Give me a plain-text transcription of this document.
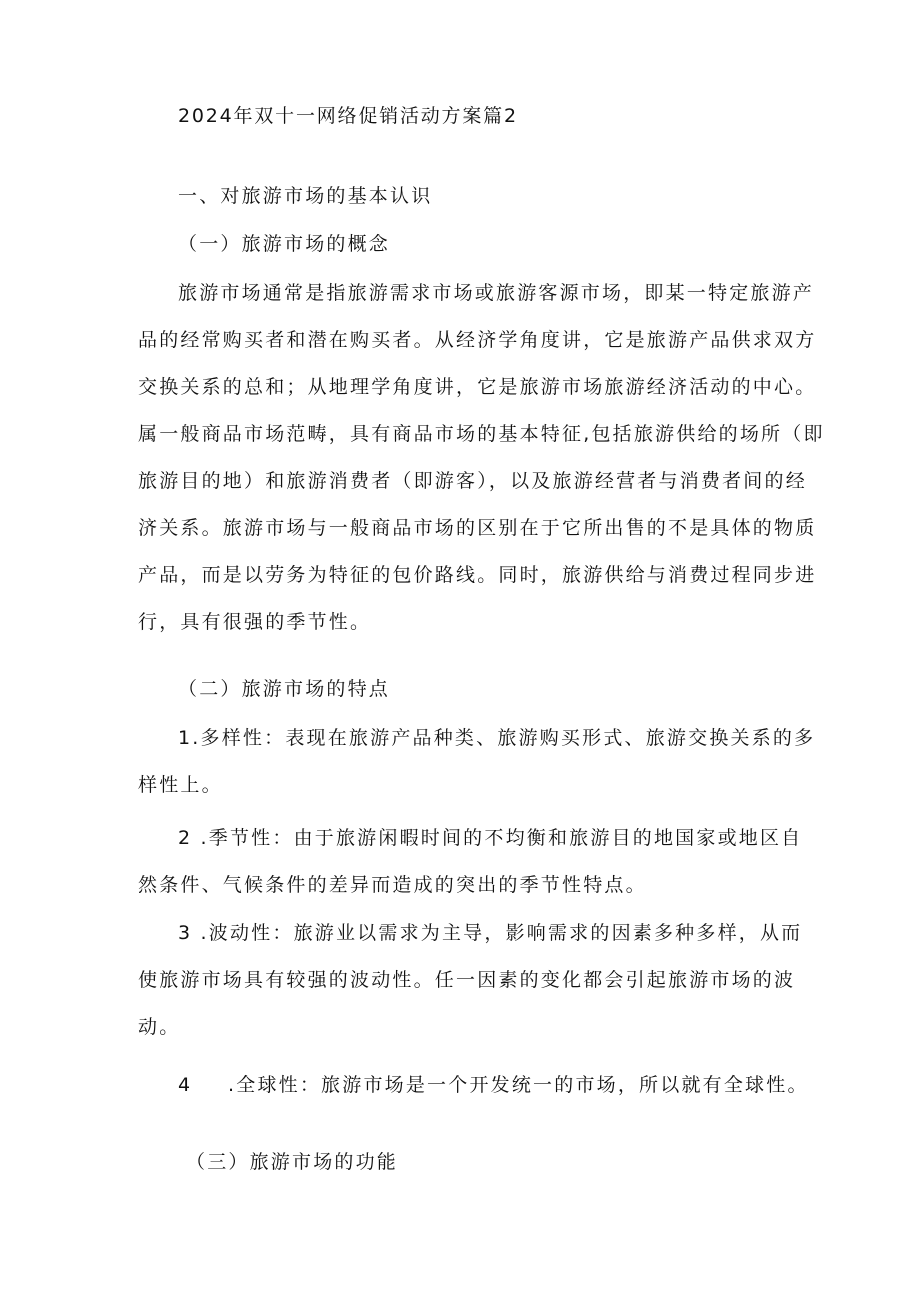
2024年双十一网络促销活动方案篇2
一、对旅游市场的基本认识
（一）旅游市场的概念
旅游市场通常是指旅游需求市场或旅游客源市场，即某一特定旅游产
品的经常购买者和潜在购买者。从经济学角度讲，它是旅游产品供求双方
交换关系的总和；从地理学角度讲，它是旅游市场旅游经济活动的中心。
属一般商品市场范畴，具有商品市场的基本特征,包括旅游供给的场所（即
旅游目的地）和旅游消费者（即游客），以及旅游经营者与消费者间的经
济关系。旅游市场与一般商品市场的区别在于它所出售的不是具体的物质
产品，而是以劳务为特征的包价路线。同时，旅游供给与消费过程同步进
行，具有很强的季节性。
（二）旅游市场的特点
1.多样性：表现在旅游产品种类、旅游购买形式、旅游交换关系的多
样性上。
2 .季节性：由于旅游闲暇时间的不均衡和旅游目的地国家或地区自
然条件、气候条件的差异而造成的突出的季节性特点。
3 .波动性：旅游业以需求为主导，影响需求的因素多种多样，从而
使旅游市场具有较强的波动性。任一因素的变化都会引起旅游市场的波
动。
4 .全球性：旅游市场是一个开发统一的市场，所以就有全球性。
（三）旅游市场的功能
